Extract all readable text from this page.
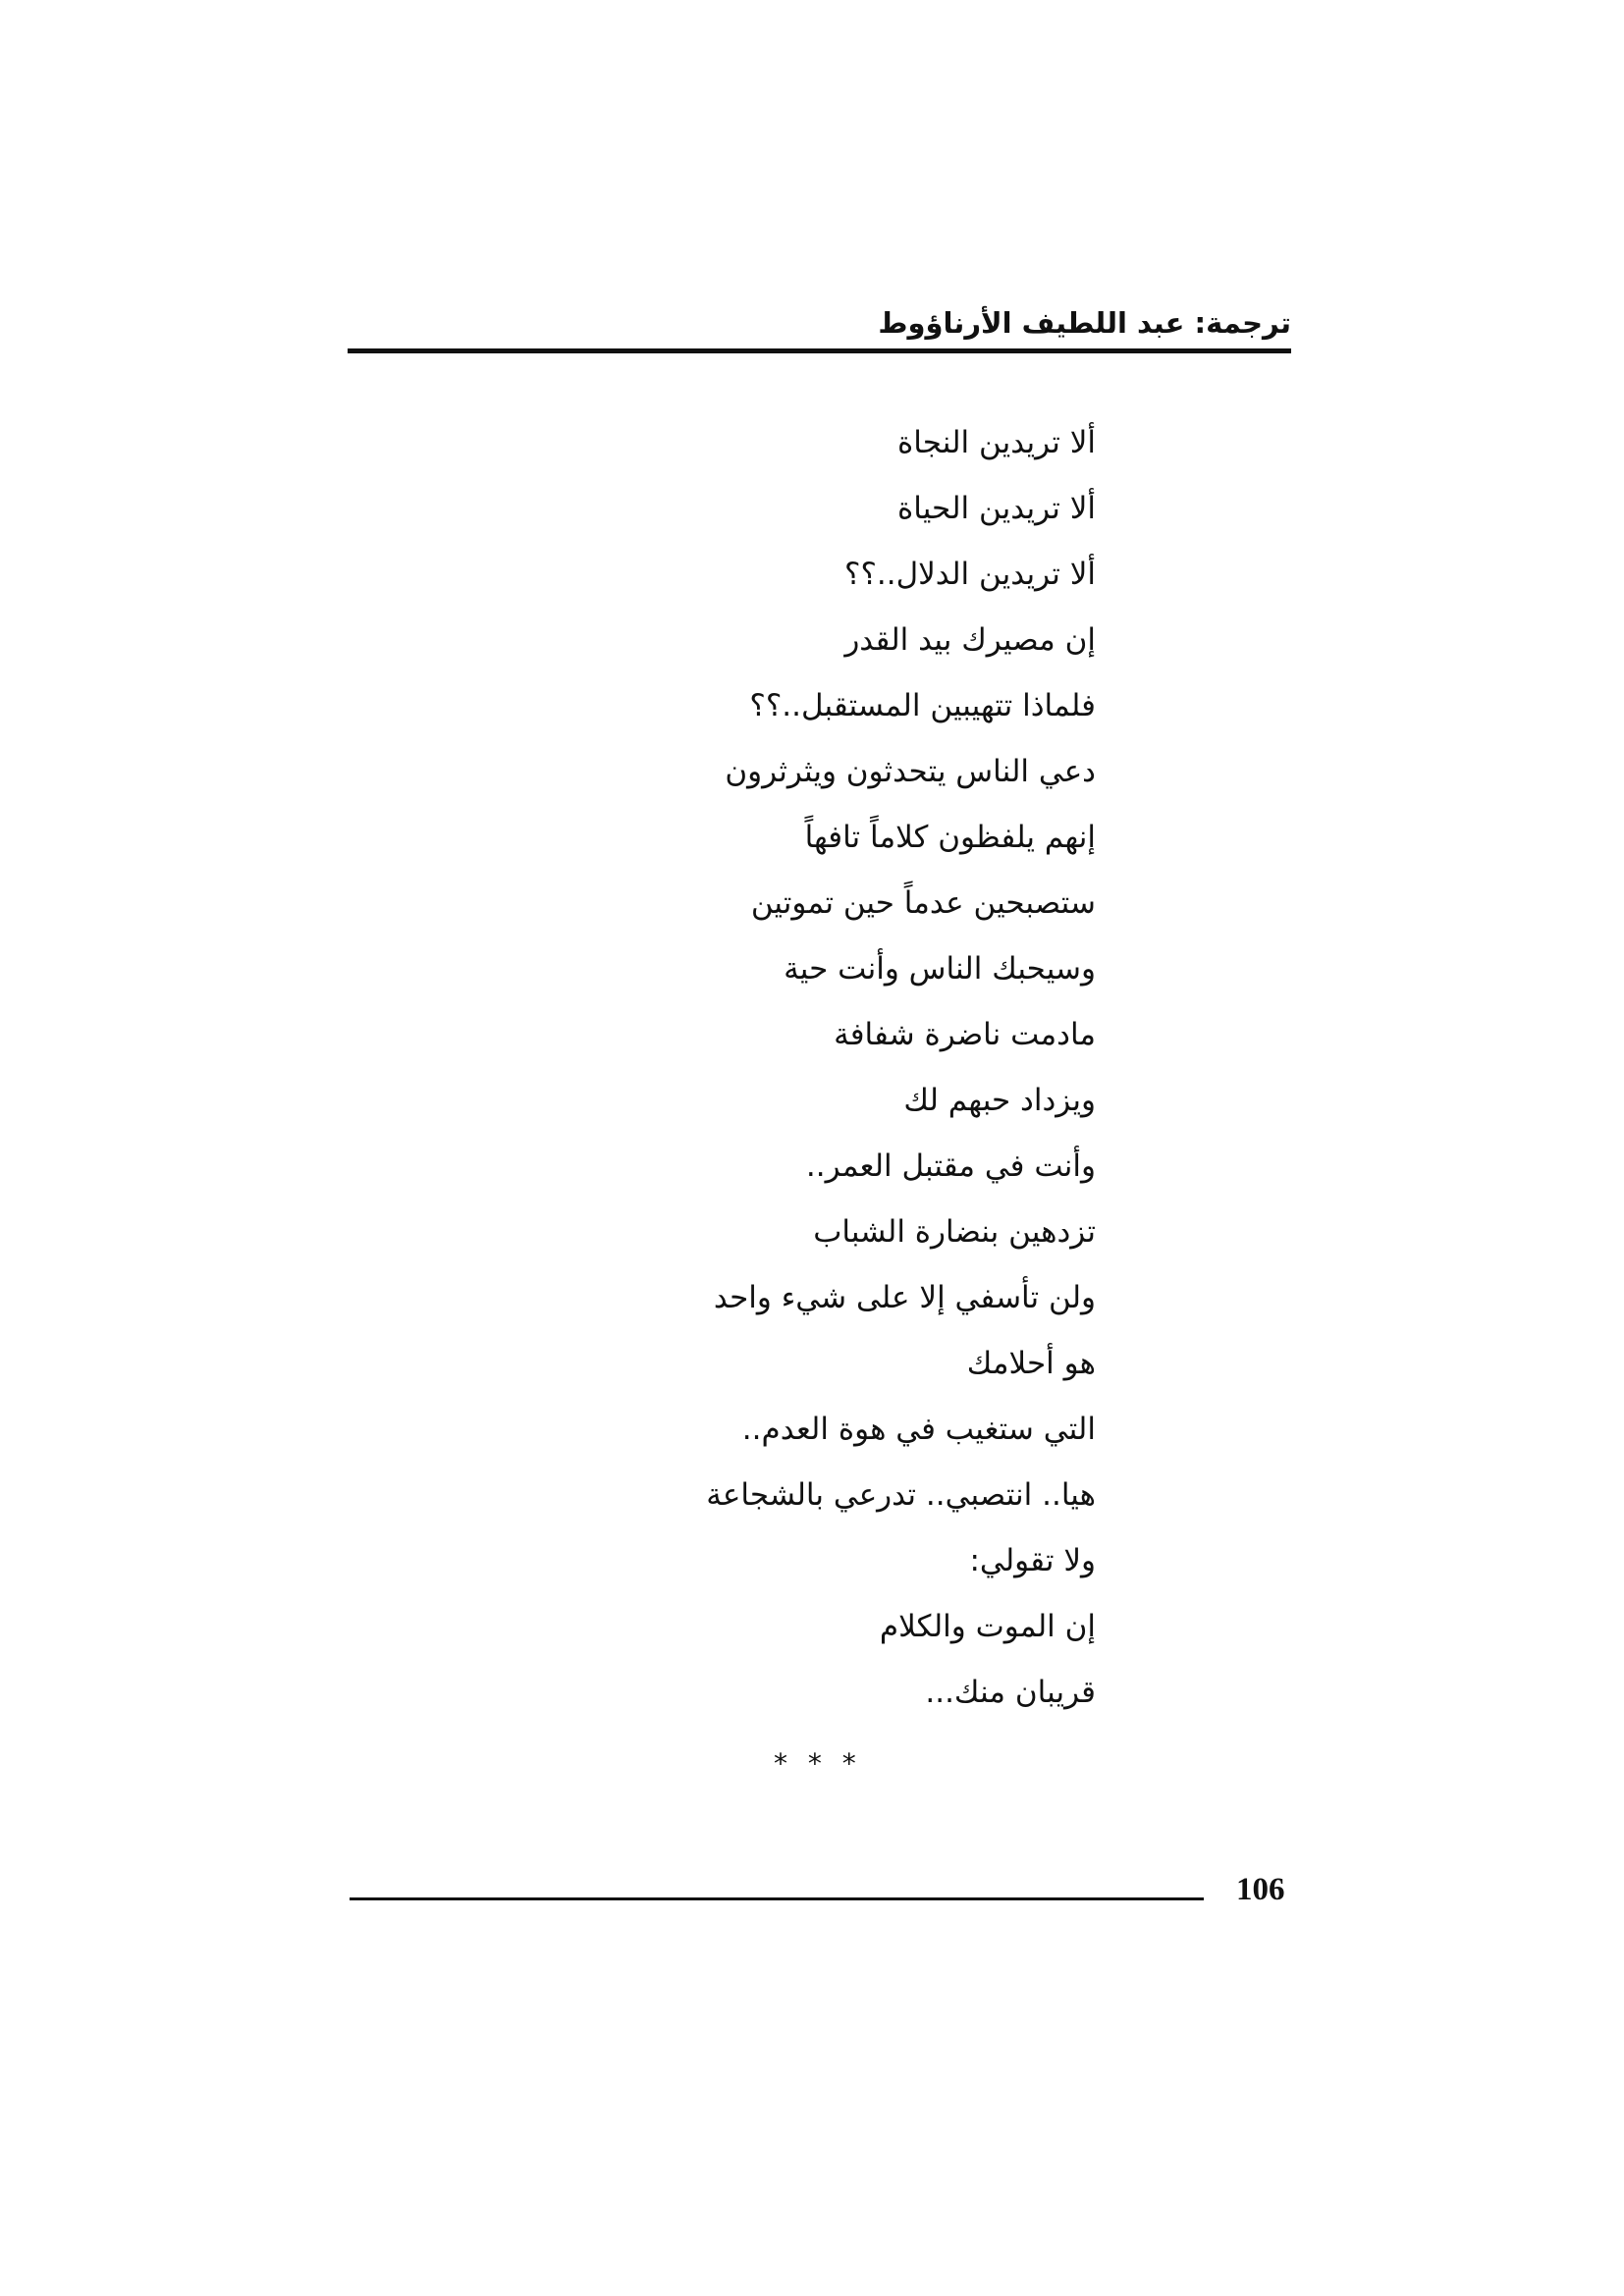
ترجمة: عبد اللطيف الأرناؤوط
ألا تريدين النجاة
ألا تريدين الحياة
ألا تريدين الدلال..؟؟
إن مصيرك بيد القدر
فلماذا تتهيبين المستقبل..؟؟
دعي الناس يتحدثون ويثرثرون
إنهم يلفظون كلاماً تافهاً
ستصبحين عدماً حين تموتين
وسيحبك الناس وأنت حية
مادمت ناضرة شفافة
ويزداد حبهم لك
وأنت في مقتبل العمر..
تزدهين بنضارة الشباب
ولن تأسفي إلا على شيء واحد
هو أحلامك
التي ستغيب في هوة العدم..
هيا.. انتصبي.. تدرعي بالشجاعة
ولا تقولي:
إن الموت والكلام
قريبان منك...
* * *
106
